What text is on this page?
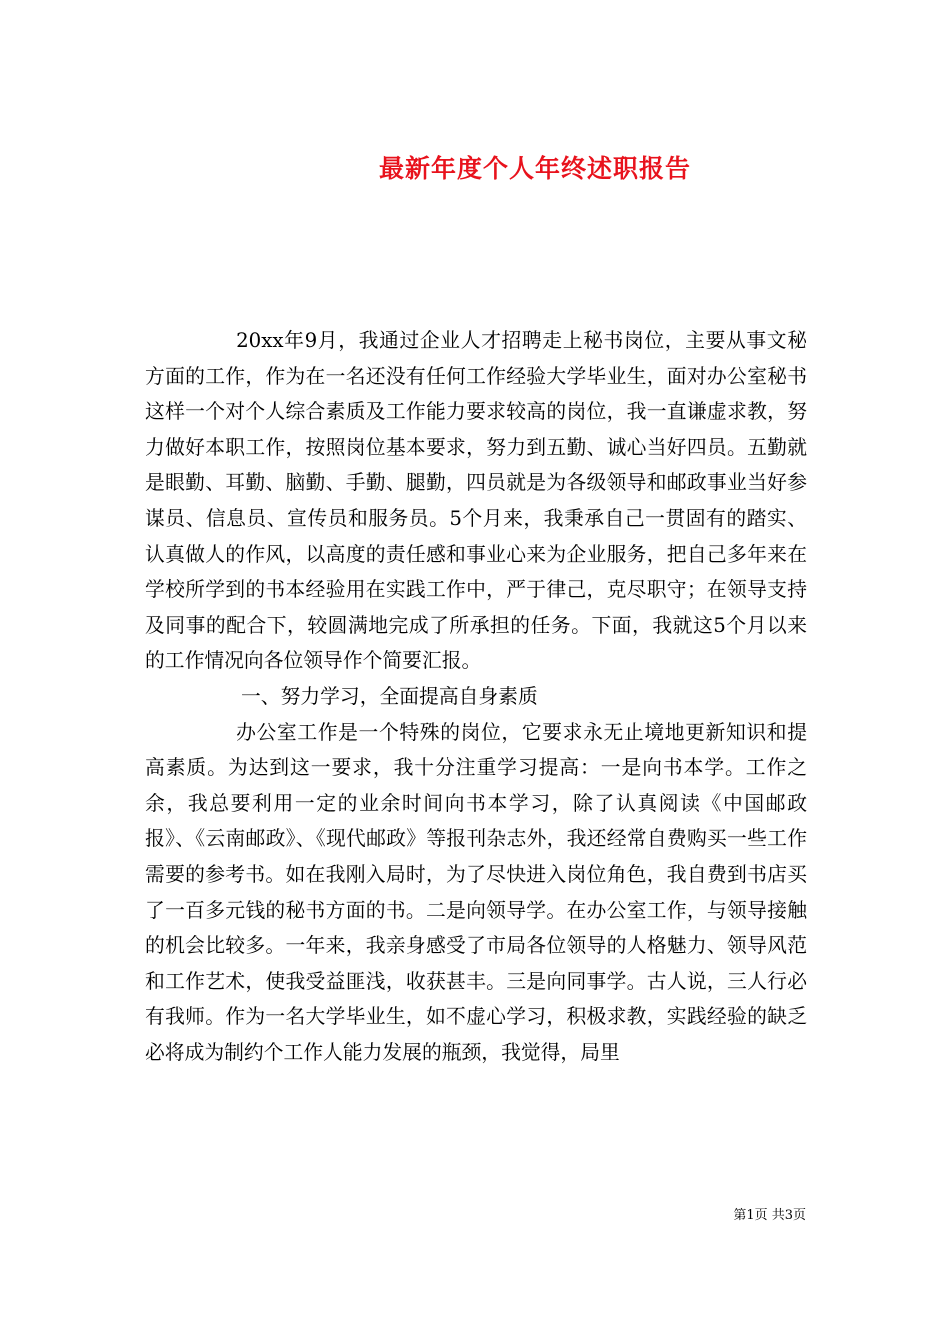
最新年度个人年终述职报告

20xx年9月，我通过企业人才招聘走上秘书岗位，主要从事文秘方面的工作，作为在一名还没有任何工作经验大学毕业生，面对办公室秘书这样一个对个人综合素质及工作能力要求较高的岗位，我一直谦虚求教，努力做好本职工作，按照岗位基本要求，努力到五勤、诚心当好四员。五勤就是眼勤、耳勤、脑勤、手勤、腿勤，四员就是为各级领导和邮政事业当好参谋员、信息员、宣传员和服务员。5个月来，我秉承自己一贯固有的踏实、认真做人的作风，以高度的责任感和事业心来为企业服务，把自己多年来在学校所学到的书本经验用在实践工作中，严于律己，克尽职守；在领导支持及同事的配合下，较圆满地完成了所承担的任务。下面，我就这5个月以来的工作情况向各位领导作个简要汇报。

一、努力学习，全面提高自身素质

办公室工作是一个特殊的岗位，它要求永无止境地更新知识和提高素质。为达到这一要求，我十分注重学习提高：一是向书本学。工作之余，我总要利用一定的业余时间向书本学习，除了认真阅读《中国邮政报》、《云南邮政》、《现代邮政》等报刊杂志外，我还经常自费购买一些工作需要的参考书。如在我刚入局时，为了尽快进入岗位角色，我自费到书店买了一百多元钱的秘书方面的书。二是向领导学。在办公室工作，与领导接触的机会比较多。一年来，我亲身感受了市局各位领导的人格魅力、领导风范和工作艺术，使我受益匪浅，收获甚丰。三是向同事学。古人说，三人行必有我师。作为一名大学毕业生，如不虚心学习，积极求教，实践经验的缺乏必将成为制约个工作人能力发展的瓶颈，我觉得，局里

第1页 共3页
